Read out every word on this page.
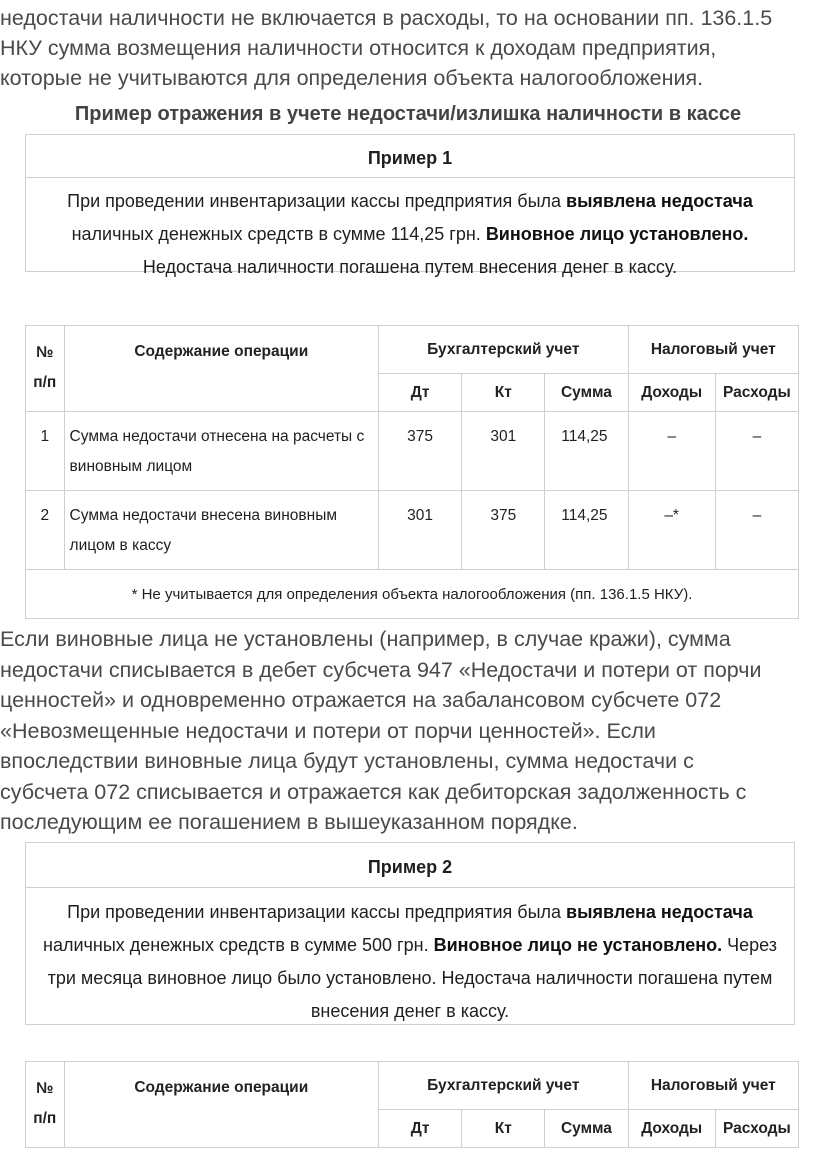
недостачи наличности не включается в расходы, то на основании пп. 136.1.5

НКУ сумма возмещения наличности относится к доходам предприятия,

которые не учитываются для определения объекта налогообложения.

Пример отражения в учете недостачи/излишка наличности в кассе
Пример 1
При проведении инвентаризации кассы предприятия была выявлена недостача наличных денежных средств в сумме 114,25 грн. Виновное лицо установлено. Недостача наличности погашена путем внесения денег в кассу.
№ п/п	Содержание операции	Бухгалтерский учет			Налоговый учет	
		Дт	Кт	Сумма	Доходы	Расходы
1	Сумма недостачи отнесена на расчеты с виновным лицом	375	301	114,25	–	–
2	Сумма недостачи внесена виновным лицом в кассу	301	375	114,25	–*	–
* Не учитывается для определения объекта налогообложения (пп. 136.1.5 НКУ).						

Если виновные лица не установлены (например, в случае кражи), сумма

недостачи списывается в дебет субсчета 947 «Недостачи и потери от порчи

ценностей» и одновременно отражается на забалансовом субсчете 072

«Невозмещенные недостачи и потери от порчи ценностей». Если

впоследствии виновные лица будут установлены, сумма недостачи с

субсчета 072 списывается и отражается как дебиторская задолженность с

последующим ее погашением в вышеуказанном порядке.

Пример 2
При проведении инвентаризации кассы предприятия была выявлена недостача наличных денежных средств в сумме 500 грн. Виновное лицо не установлено. Через три месяца виновное лицо было установлено. Недостача наличности погашена путем внесения денег в кассу.
№ п/п	Содержание операции	Бухгалтерский учет			Налоговый учет	
		Дт	Кт	Сумма	Доходы	Расходы
